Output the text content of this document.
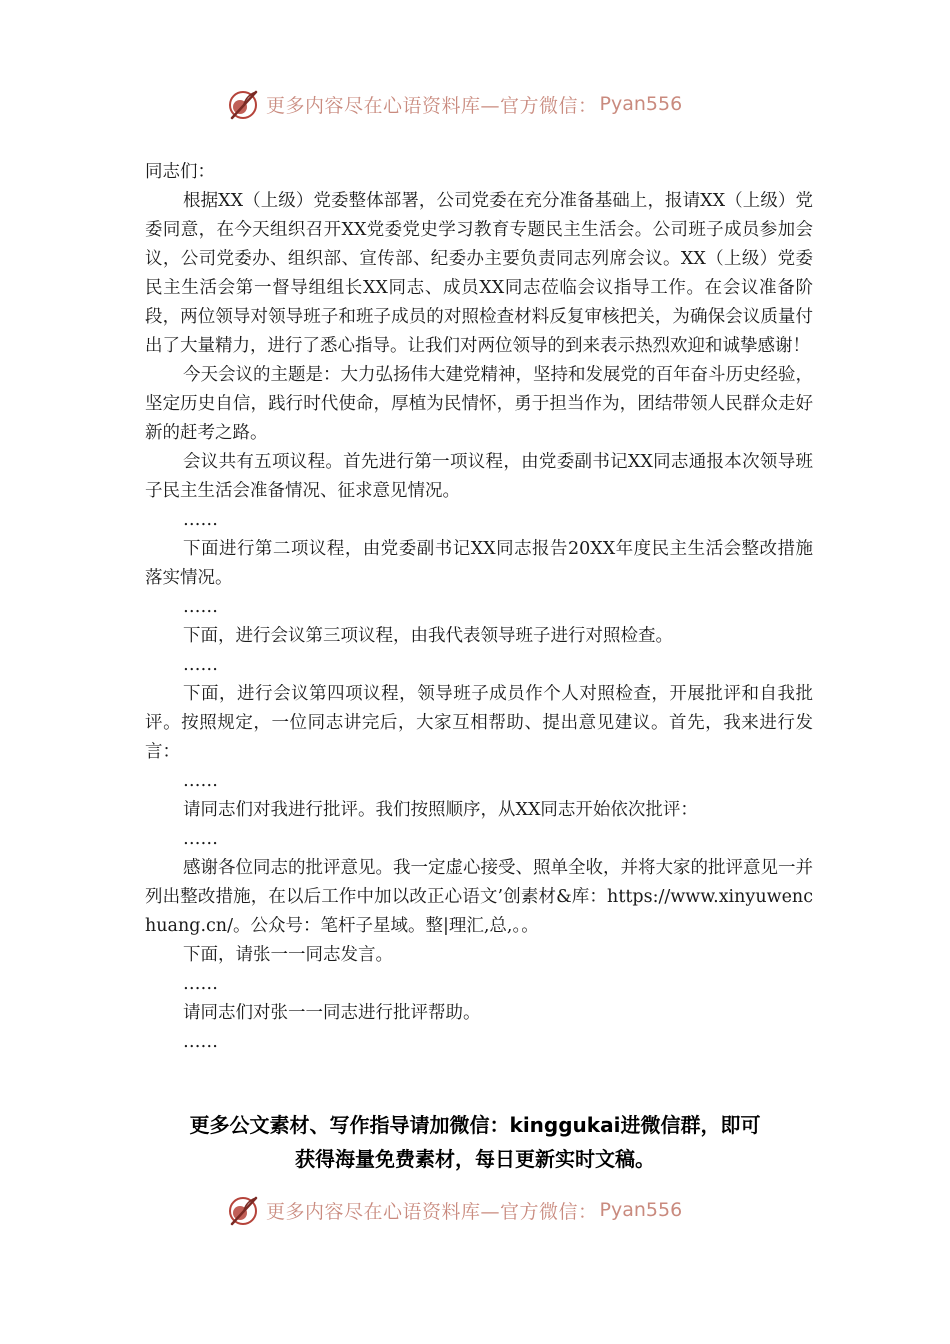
更多内容尽在心语资料库—官方微信： Pyan556

同志们：

根据XX（上级）党委整体部署，公司党委在充分准备基础上，报请XX（上级）党委同意，在今天组织召开XX党委党史学习教育专题民主生活会。公司班子成员参加会议，公司党委办、组织部、宣传部、纪委办主要负责同志列席会议。XX（上级）党委民主生活会第一督导组组长XX同志、成员XX同志莅临会议指导工作。在会议准备阶段，两位领导对领导班子和班子成员的对照检查材料反复审核把关，为确保会议质量付出了大量精力，进行了悉心指导。让我们对两位领导的到来表示热烈欢迎和诚挚感谢！

今天会议的主题是：大力弘扬伟大建党精神，坚持和发展党的百年奋斗历史经验，坚定历史自信，践行时代使命，厚植为民情怀，勇于担当作为，团结带领人民群众走好新的赶考之路。

会议共有五项议程。首先进行第一项议程，由党委副书记XX同志通报本次领导班子民主生活会准备情况、征求意见情况。

……

下面进行第二项议程，由党委副书记XX同志报告20XX年度民主生活会整改措施落实情况。

……

下面，进行会议第三项议程，由我代表领导班子进行对照检查。

……

下面，进行会议第四项议程，领导班子成员作个人对照检查，开展批评和自我批评。按照规定，一位同志讲完后，大家互相帮助、提出意见建议。首先，我来进行发言：

……

请同志们对我进行批评。我们按照顺序，从XX同志开始依次批评：

……

感谢各位同志的批评意见。我一定虚心接受、照单全收，并将大家的批评意见一并列出整改措施，在以后工作中加以改正心语文’创素材&库：https://www.xinyuwenchuang.cn/。公众号：笔杆子星域。整|理汇,总,。。

下面，请张一一同志发言。

……

请同志们对张一一同志进行批评帮助。

……

更多公文素材、写作指导请加微信：kinggukai进微信群，即可
获得海量免费素材，每日更新实时文稿。
更多内容尽在心语资料库—官方微信： Pyan556
